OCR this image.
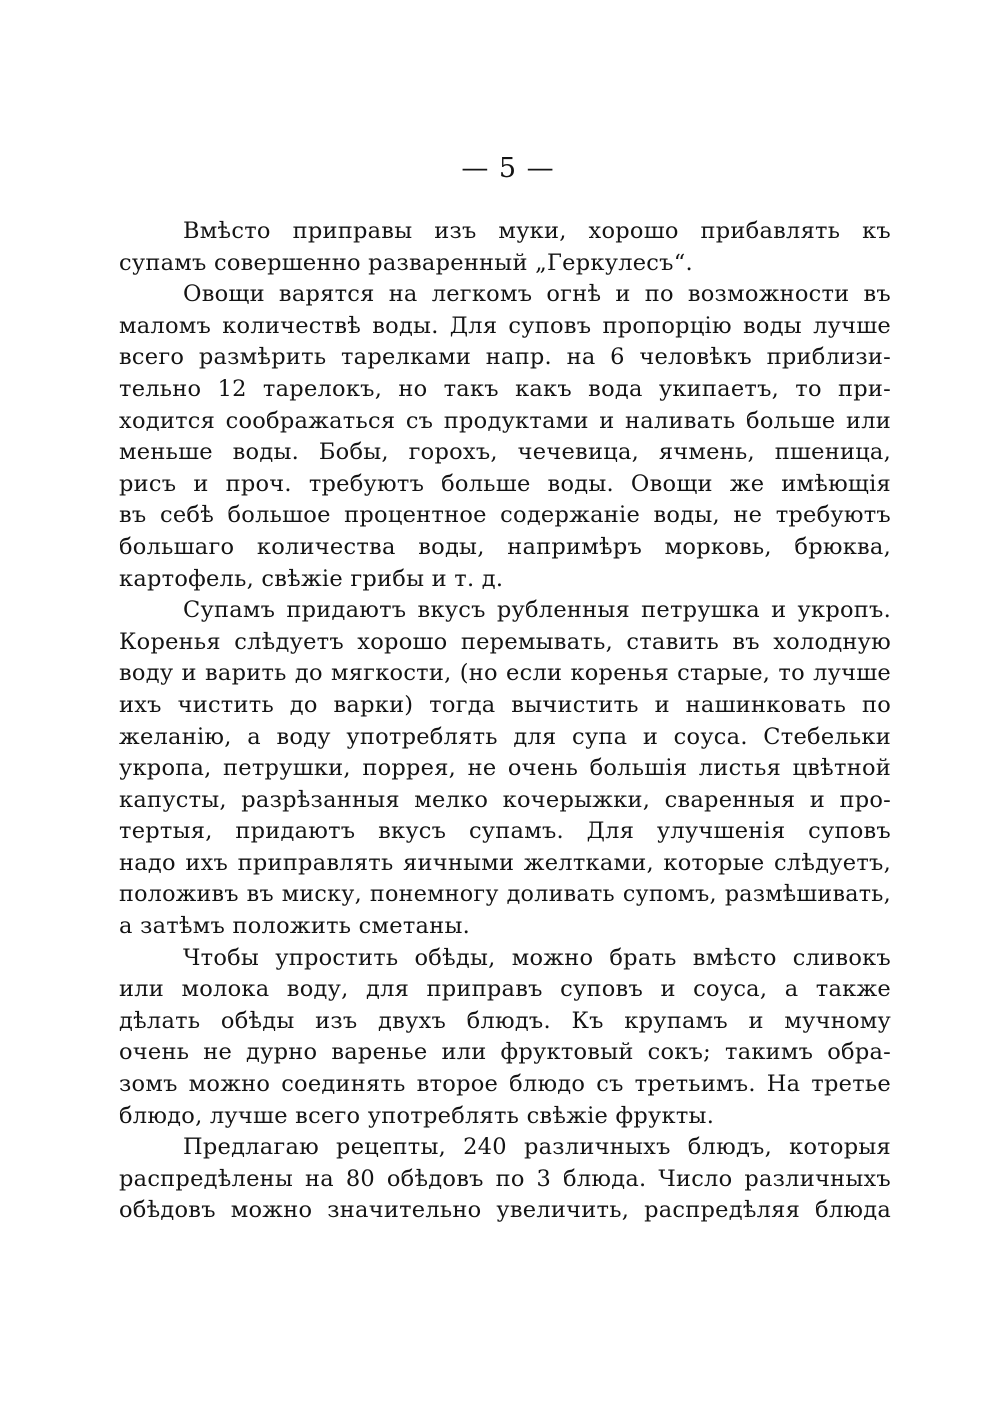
— 5 —
Вмѣсто приправы изъ муки, хорошо прибавлять къ
супамъ совершенно разваренный „Геркулесъ“.
Овощи варятся на легкомъ огнѣ и по возможности въ
маломъ количествѣ воды. Для суповъ пропорцію воды лучше
всего размѣрить тарелками напр. на 6 человѣкъ приблизи-
тельно 12 тарелокъ, но такъ какъ вода укипаетъ, то при-
ходится соображаться съ продуктами и наливать больше или
меньше воды. Бобы, горохъ, чечевица, ячмень, пшеница,
рисъ и проч. требуютъ больше воды. Овощи же имѣющія
въ себѣ большое процентное содержаніе воды, не требуютъ
большаго количества воды, напримѣръ морковь, брюква,
картофель, свѣжіе грибы и т. д.
Супамъ придаютъ вкусъ рубленныя петрушка и укропъ.
Коренья слѣдуетъ хорошо перемывать, ставить въ холодную
воду и варить до мягкости, (но если коренья старые, то лучше
ихъ чистить до варки) тогда вычистить и нашинковать по
желанію, а воду употреблять для супа и соуса. Стебельки
укропа, петрушки, поррея, не очень большія листья цвѣтной
капусты, разрѣзанныя мелко кочерыжки, сваренныя и про-
тертыя, придаютъ вкусъ супамъ. Для улучшенія суповъ
надо ихъ приправлять яичными желтками, которые слѣдуетъ,
положивъ въ миску, понемногу доливать супомъ, размѣшивать,
а затѣмъ положить сметаны.
Чтобы упростить обѣды, можно брать вмѣсто сливокъ
или молока воду, для приправъ суповъ и соуса, а также
дѣлать обѣды изъ двухъ блюдъ. Къ крупамъ и мучному
очень не дурно варенье или фруктовый сокъ; такимъ обра-
зомъ можно соединять второе блюдо съ третьимъ. На третье
блюдо, лучше всего употреблять свѣжіе фрукты.
Предлагаю рецепты, 240 различныхъ блюдъ, которыя
распредѣлены на 80 обѣдовъ по 3 блюда. Число различныхъ
обѣдовъ можно значительно увеличить, распредѣляя блюда
